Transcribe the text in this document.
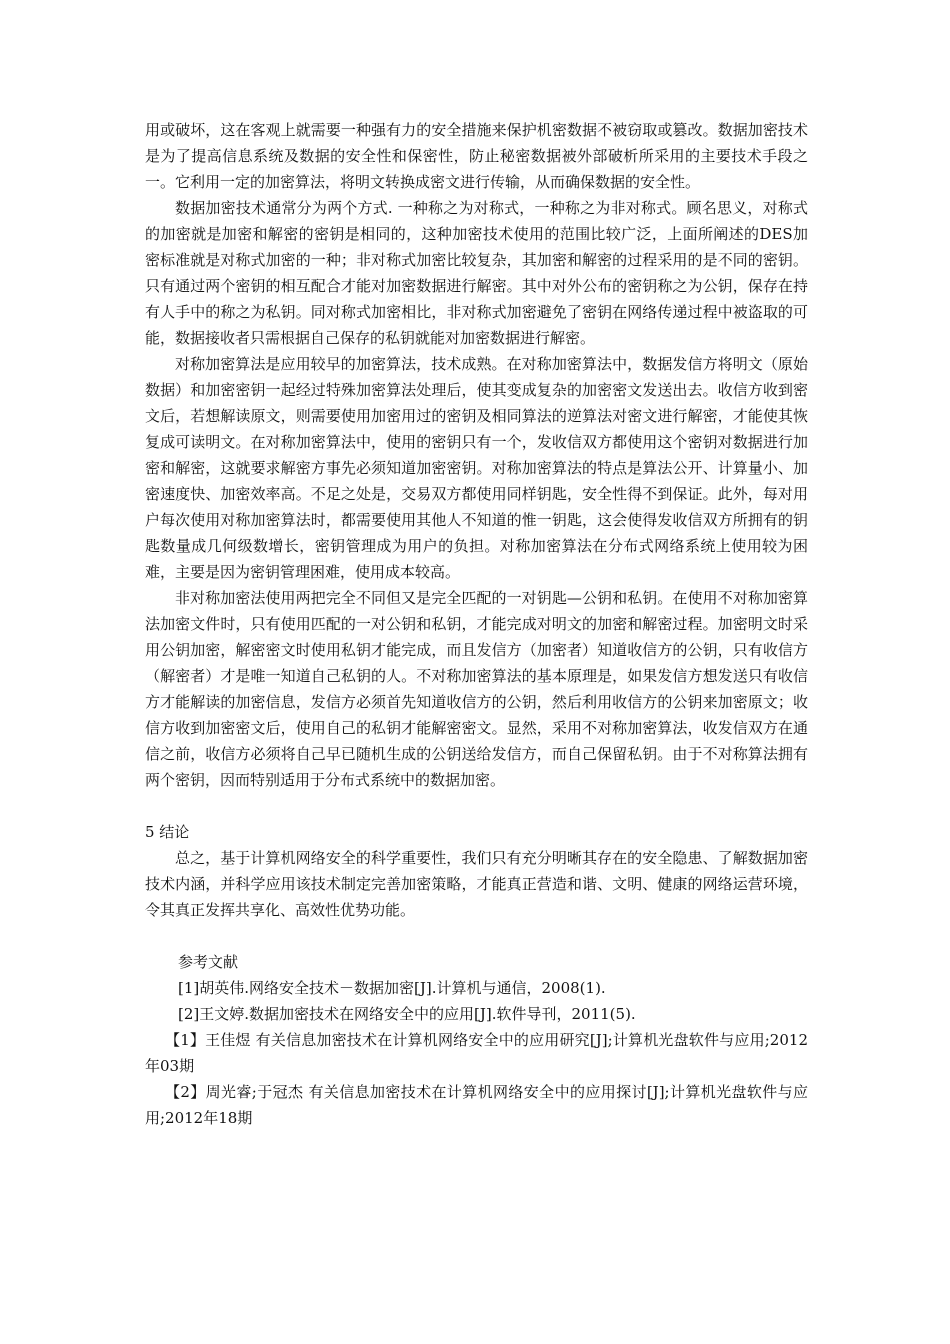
用或破坏，这在客观上就需要一种强有力的安全措施来保护机密数据不被窃取或篡改。数据加密技术是为了提高信息系统及数据的安全性和保密性，防止秘密数据被外部破析所采用的主要技术手段之一。它利用一定的加密算法，将明文转换成密文进行传输，从而确保数据的安全性。

数据加密技术通常分为两个方式. 一种称之为对称式，一种称之为非对称式。顾名思义，对称式的加密就是加密和解密的密钥是相同的，这种加密技术使用的范围比较广泛，上面所阐述的DES加密标准就是对称式加密的一种；非对称式加密比较复杂，其加密和解密的过程采用的是不同的密钥。只有通过两个密钥的相互配合才能对加密数据进行解密。其中对外公布的密钥称之为公钥，保存在持有人手中的称之为私钥。同对称式加密相比，非对称式加密避免了密钥在网络传递过程中被盗取的可能，数据接收者只需根据自己保存的私钥就能对加密数据进行解密。

对称加密算法是应用较早的加密算法，技术成熟。在对称加密算法中，数据发信方将明文（原始数据）和加密密钥一起经过特殊加密算法处理后，使其变成复杂的加密密文发送出去。收信方收到密文后，若想解读原文，则需要使用加密用过的密钥及相同算法的逆算法对密文进行解密，才能使其恢复成可读明文。在对称加密算法中，使用的密钥只有一个，发收信双方都使用这个密钥对数据进行加密和解密，这就要求解密方事先必须知道加密密钥。对称加密算法的特点是算法公开、计算量小、加密速度快、加密效率高。不足之处是，交易双方都使用同样钥匙，安全性得不到保证。此外，每对用户每次使用对称加密算法时，都需要使用其他人不知道的惟一钥匙，这会使得发收信双方所拥有的钥匙数量成几何级数增长，密钥管理成为用户的负担。对称加密算法在分布式网络系统上使用较为困难，主要是因为密钥管理困难，使用成本较高。

非对称加密法使用两把完全不同但又是完全匹配的一对钥匙—公钥和私钥。在使用不对称加密算法加密文件时，只有使用匹配的一对公钥和私钥，才能完成对明文的加密和解密过程。加密明文时采用公钥加密，解密密文时使用私钥才能完成，而且发信方（加密者）知道收信方的公钥，只有收信方（解密者）才是唯一知道自己私钥的人。不对称加密算法的基本原理是，如果发信方想发送只有收信方才能解读的加密信息，发信方必须首先知道收信方的公钥，然后利用收信方的公钥来加密原文；收信方收到加密密文后，使用自己的私钥才能解密密文。显然，采用不对称加密算法，收发信双方在通信之前，收信方必须将自己早已随机生成的公钥送给发信方，而自己保留私钥。由于不对称算法拥有两个密钥，因而特别适用于分布式系统中的数据加密。

5 结论

总之，基于计算机网络安全的科学重要性，我们只有充分明晰其存在的安全隐患、了解数据加密技术内涵，并科学应用该技术制定完善加密策略，才能真正营造和谐、文明、健康的网络运营环境，令其真正发挥共享化、高效性优势功能。

参考文献

[1]胡英伟.网络安全技术－数据加密[J].计算机与通信，2008(1).

[2]王文婷.数据加密技术在网络安全中的应用[J].软件导刊，2011(5).

【1】王佳煜 有关信息加密技术在计算机网络安全中的应用研究[J];计算机光盘软件与应用;2012年03期

【2】周光睿;于冠杰 有关信息加密技术在计算机网络安全中的应用探讨[J];计算机光盘软件与应用;2012年18期
